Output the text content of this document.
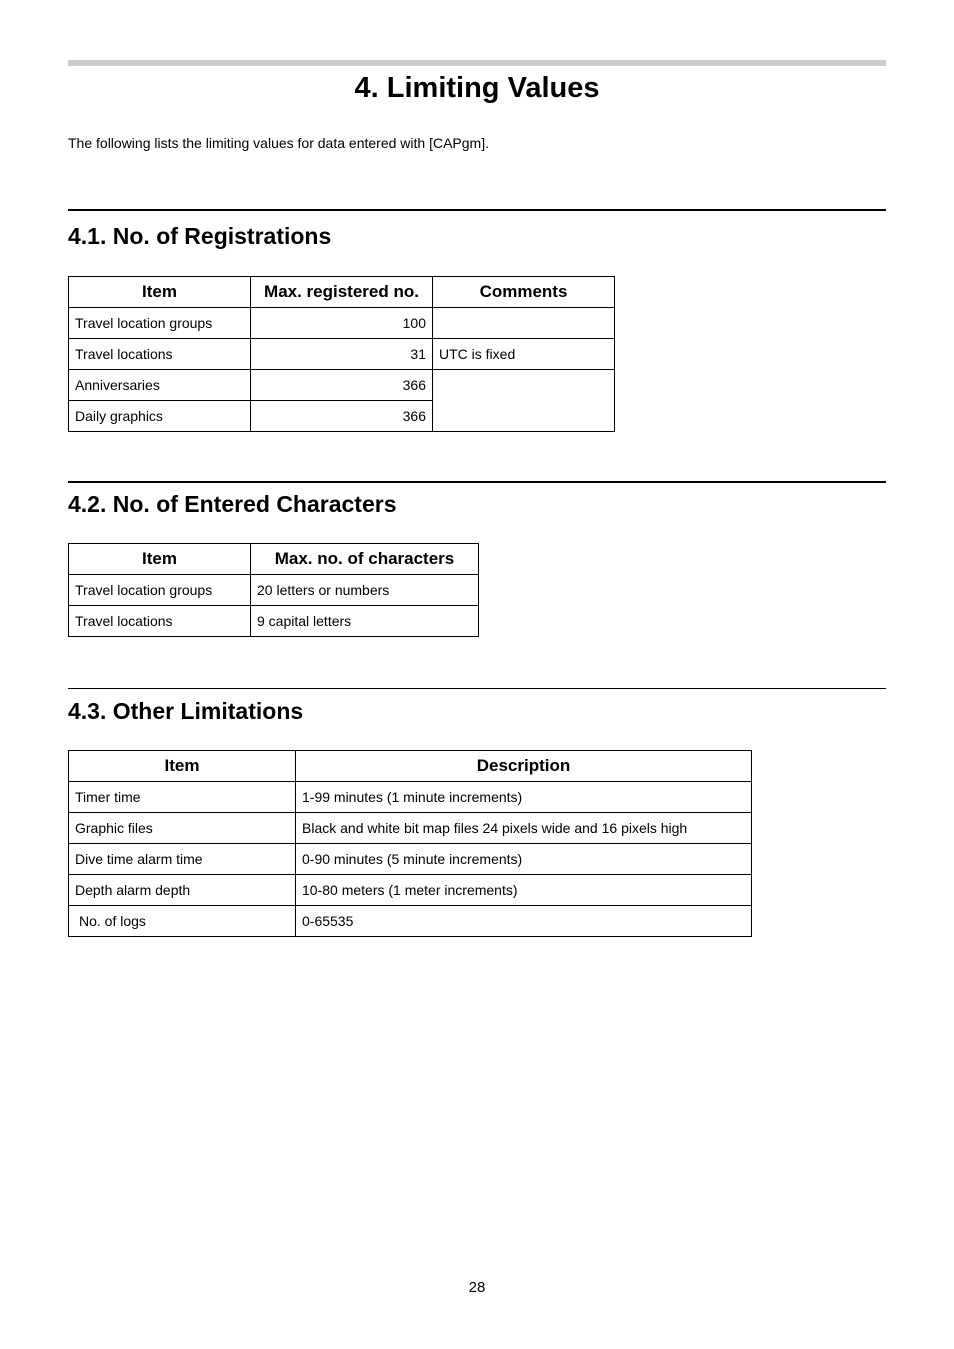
4. Limiting Values

The following lists the limiting values for data entered with [CAPgm].

4.1. No. of Registrations
Item	Max. registered no.	Comments
Travel location groups	100	
Travel locations	31	UTC is fixed
Anniversaries	366	
Daily graphics	366	
4.2. No. of Entered Characters
Item	Max. no. of characters
Travel location groups	20 letters or numbers
Travel locations	9 capital letters
4.3. Other Limitations
Item	Description
Timer time	1-99 minutes (1 minute increments)
Graphic files	Black and white bit map files 24 pixels wide and 16 pixels high
Dive time alarm time	0-90 minutes (5 minute increments)
Depth alarm depth	10-80 meters (1 meter increments)
No. of logs	0-65535

28
